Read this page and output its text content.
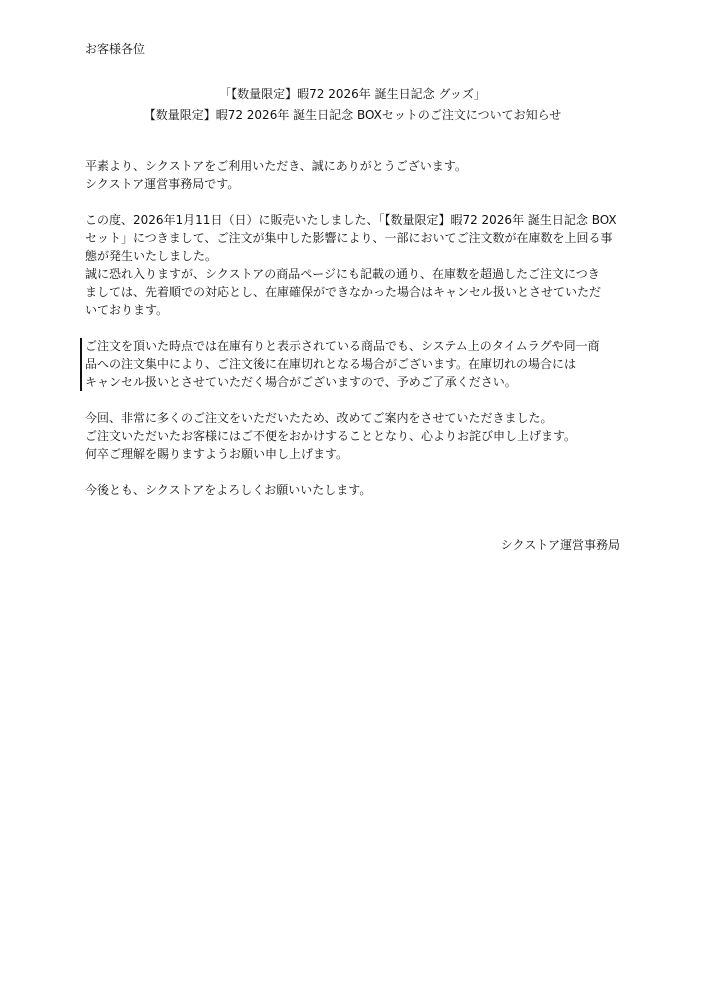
お客様各位

「【数量限定】暇72 2026年 誕生日記念 グッズ」

【数量限定】暇72 2026年 誕生日記念 BOXセットのご注文についてお知らせ

平素より、シクストアをご利用いただき、誠にありがとうございます。

シクストア運営事務局です。

この度、2026年1月11日（日）に販売いたしました、「【数量限定】暇72 2026年 誕生日記念 BOX

セット」につきまして、ご注文が集中した影響により、一部においてご注文数が在庫数を上回る事

態が発生いたしました。

誠に恐れ入りますが、シクストアの商品ページにも記載の通り、在庫数を超過したご注文につき

ましては、先着順での対応とし、在庫確保ができなかった場合はキャンセル扱いとさせていただ

いております。

ご注文を頂いた時点では在庫有りと表示されている商品でも、システム上のタイムラグや同一商

品への注文集中により、ご注文後に在庫切れとなる場合がございます。在庫切れの場合には

キャンセル扱いとさせていただく場合がございますので、予めご了承ください。

今回、非常に多くのご注文をいただいたため、改めてご案内をさせていただきました。

ご注文いただいたお客様にはご不便をおかけすることとなり、心よりお詫び申し上げます。

何卒ご理解を賜りますようお願い申し上げます。

今後とも、シクストアをよろしくお願いいたします。

シクストア運営事務局
